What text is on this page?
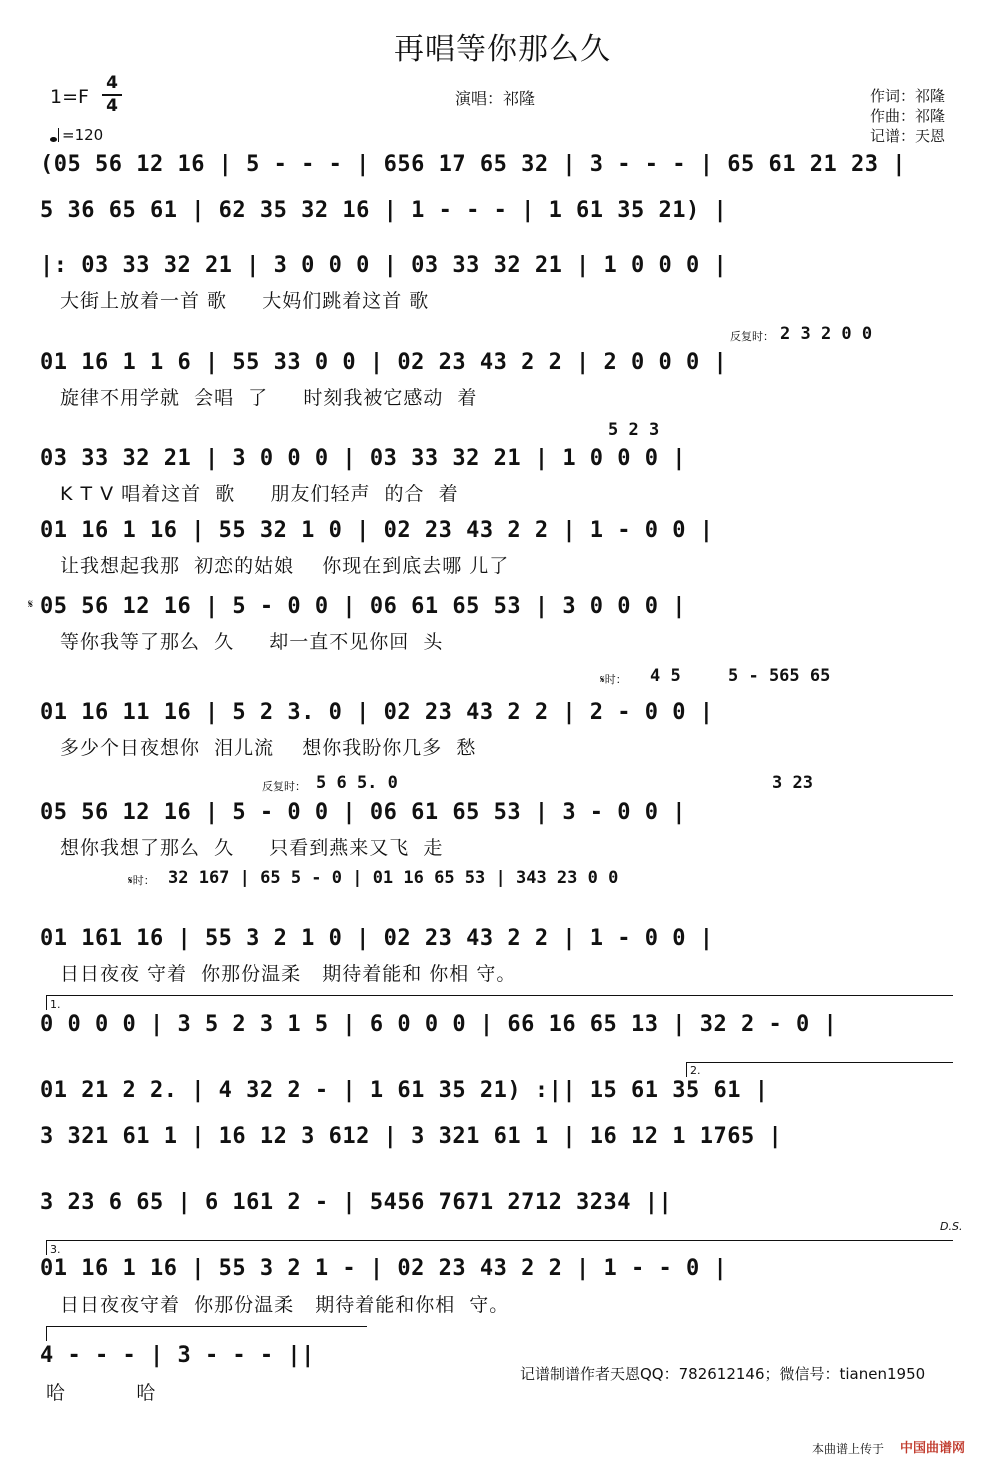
再唱等你那么久
1=F
4
4
=120
演唱：祁隆	作词：祁隆
作曲：祁隆
记谱：天恩
(05 56 12 16 | 5 - - - | 656 17 65 32 | 3 - - - | 65 61 21 23 |
5 36 65 61 | 62 35 32 16 | 1 - - - | 1 61 35 21) |
|: 03 33 32 21 | 3 0 0 0 | 03 33 32 21 | 1 0 0 0 |
大街上放着一首 歌     大妈们跳着这首 歌
反复时： 2 3 2 0 0
01 16 1 1 6 | 55 33 0 0 | 02 23 43 2 2 | 2 0 0 0 |
旋律不用学就  会唱  了     时刻我被它感动  着
5 2 3
03 33 32 21 | 3 0 0 0 | 03 33 32 21 | 1 0 0 0 |
K T V 唱着这首  歌     朋友们轻声  的合  着
01 16 1 16 | 55 32 1 0 | 02 23 43 2 2 | 1 - 0 0 |
让我想起我那  初恋的姑娘    你现在到底去哪 儿了
𝄋 05 56 12 16 | 5 - 0 0 | 06 61 65 53 | 3 0 0 0 |
等你我等了那么  久     却一直不见你回  头
𝄋时： 4 5	5 - 565 65
01 16 11 16 | 5 2 3. 0 | 02 23 43 2 2 | 2 - 0 0 |
多少个日夜想你  泪儿流    想你我盼你几多  愁
反复时： 5 6 5. 0	3 23
05 56 12 16 | 5 - 0 0 | 06 61 65 53 | 3 - 0 0 |
想你我想了那么  久     只看到燕来又飞  走
𝄋时： 32 167 | 65 5 - 0 | 01 16 65 53 | 343 23 0 0
01 161 16 | 55 3 2 1 0 | 02 23 43 2 2 | 1 - 0 0 |
日日夜夜 守着  你那份温柔   期待着能和 你相 守。
1.
0 0 0 0 | 3 5 2 3 1 5 | 6 0 0 0 | 66 16 65 13 | 32 2 - 0 |
01 21 2 2. | 4 32 2 - | 1 61 35 21) :|| 15 61 35 61 |
2.
3 321 61 1 | 16 12 3 612 | 3 321 61 1 | 16 12 1 1765 |
3 23 6 65 | 6 161 2 - | 5456 7671 2712 3234 ||
D.S.
3.
01 16 1 16 | 55 3 2 1 - | 02 23 43 2 2 | 1 - - 0 |
日日夜夜守着  你那份温柔   期待着能和你相  守。
4 - - - | 3 - - - ||
哈          哈
记谱制谱作者天恩QQ：782612146；微信号：tianen1950
本曲谱上传于 中国曲谱网
